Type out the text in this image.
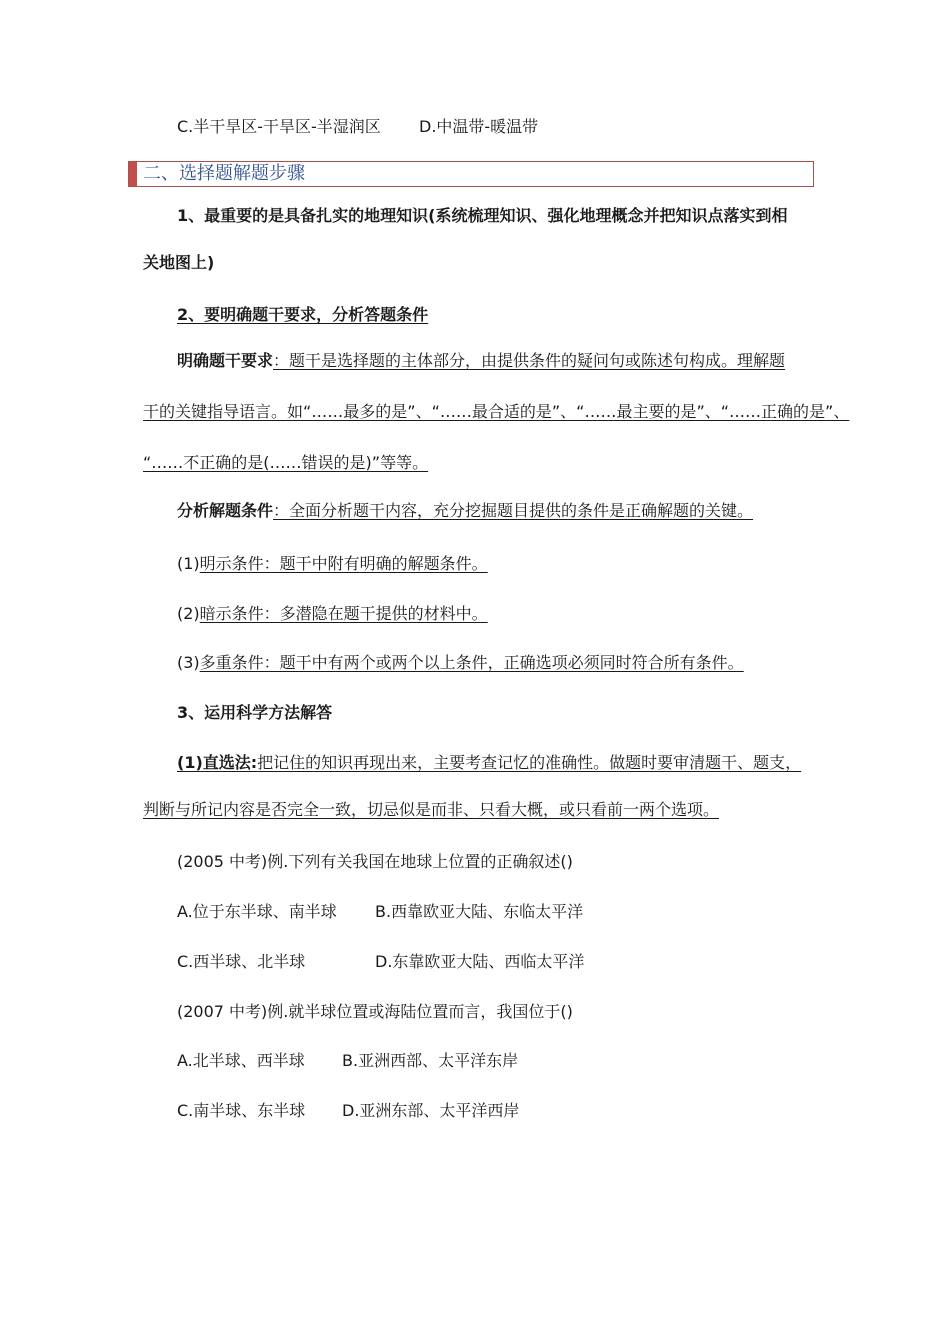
C.半干旱区-干旱区-半湿润区 D.中温带-暖温带
二、选择题解题步骤
1、最重要的是具备扎实的地理知识(系统梳理知识、强化地理概念并把知识点落实到相
关地图上)
2、要明确题干要求，分析答题条件
明确题干要求：题干是选择题的主体部分，由提供条件的疑问句或陈述句构成。理解题
干的关键指导语言。如“……最多的是”、“……最合适的是”、“……最主要的是”、“……正确的是”、
“……不正确的是(……错误的是)”等等。
分析解题条件：全面分析题干内容，充分挖掘题目提供的条件是正确解题的关键。
(1)明示条件：题干中附有明确的解题条件。
(2)暗示条件：多潜隐在题干提供的材料中。
(3)多重条件：题干中有两个或两个以上条件，正确选项必须同时符合所有条件。
3、运用科学方法解答
(1)直选法:把记住的知识再现出来，主要考查记忆的准确性。做题时要审清题干、题支，
判断与所记内容是否完全一致，切忌似是而非、只看大概，或只看前一两个选项。
(2005 中考)例.下列有关我国在地球上位置的正确叙述()
A.位于东半球、南半球 B.西靠欧亚大陆、东临太平洋
C.西半球、北半球	D.东靠欧亚大陆、西临太平洋
(2007 中考)例.就半球位置或海陆位置而言，我国位于()
A.北半球、西半球 B.亚洲西部、太平洋东岸
C.南半球、东半球 D.亚洲东部、太平洋西岸
